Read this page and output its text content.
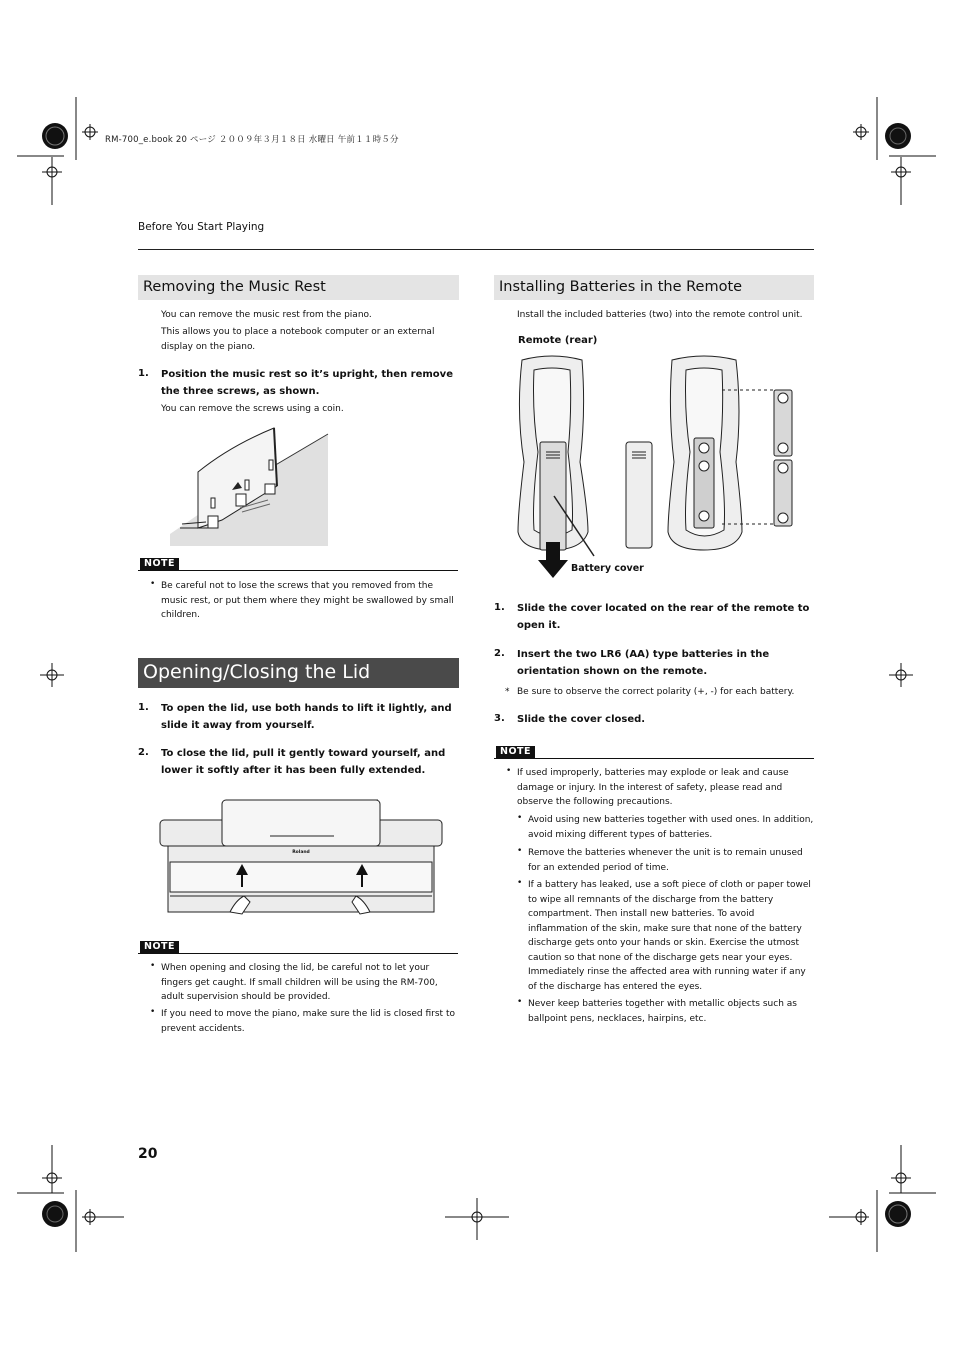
RM-700_e.book 20 ページ ２００９年３月１８日 水曜日 午前１１時５分
Before You Start Playing
Removing the Music Rest
You can remove the music rest from the piano.
This allows you to place a notebook computer or an external display on the piano.
1. Position the music rest so it’s upright, then remove the three screws, as shown.
You can remove the screws using a coin.
NOTE
• Be careful not to lose the screws that you removed from the music rest, or put them where they might be swallowed by small children.
Opening/Closing the Lid
1. To open the lid, use both hands to lift it lightly, and slide it away from yourself.
2. To close the lid, pull it gently toward yourself, and lower it softly after it has been fully extended.
Roland
NOTE
• When opening and closing the lid, be careful not to let your fingers get caught. If small children will be using the RM-700, adult supervision should be provided.
• If you need to move the piano, make sure the lid is closed first to prevent accidents.
Installing Batteries in the Remote
Install the included batteries (two) into the remote control unit.
Remote (rear)
Battery cover
1. Slide the cover located on the rear of the remote to open it.
2. Insert the two LR6 (AA) type batteries in the orientation shown on the remote.
* Be sure to observe the correct polarity (+, -) for each battery.
3. Slide the cover closed.
NOTE
• If used improperly, batteries may explode or leak and cause damage or injury. In the interest of safety, please read and observe the following precautions.
• Avoid using new batteries together with used ones. In addition, avoid mixing different types of batteries.
• Remove the batteries whenever the unit is to remain unused for an extended period of time.
• If a battery has leaked, use a soft piece of cloth or paper towel to wipe all remnants of the discharge from the battery compartment. Then install new batteries. To avoid inflammation of the skin, make sure that none of the battery discharge gets onto your hands or skin. Exercise the utmost caution so that none of the discharge gets near your eyes. Immediately rinse the affected area with running water if any of the discharge has entered the eyes.
• Never keep batteries together with metallic objects such as ballpoint pens, necklaces, hairpins, etc.
20
